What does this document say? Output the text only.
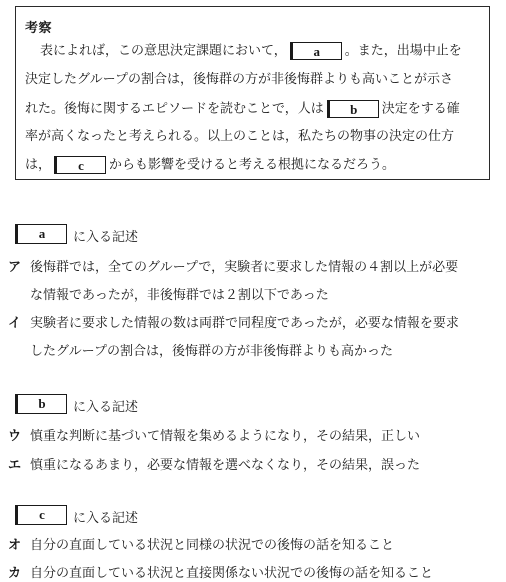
考察
表によれば，この意思決定課題において， a 。また，出場中止を
決定したグループの割合は，後悔群の方が非後悔群よりも高いことが示さ
れた。後悔に関するエピソードを読むことで，人は b 決定をする確
率が高くなったと考えられる。以上のことは，私たちの物事の決定の仕方
は， c からも影響を受けると考える根拠になるだろう。
a	に入る記述
ア 後悔群では，全てのグループで，実験者に要求した情報の４割以上が必要
な情報であったが，非後悔群では２割以下であった
イ 実験者に要求した情報の数は両群で同程度であったが，必要な情報を要求
したグループの割合は，後悔群の方が非後悔群よりも高かった
b	に入る記述
ウ 慎重な判断に基づいて情報を集めるようになり，その結果，正しい
エ 慎重になるあまり，必要な情報を選べなくなり，その結果，誤った
c	に入る記述
オ 自分の直面している状況と同様の状況での後悔の話を知ること
カ 自分の直面している状況と直接関係ない状況での後悔の話を知ること
